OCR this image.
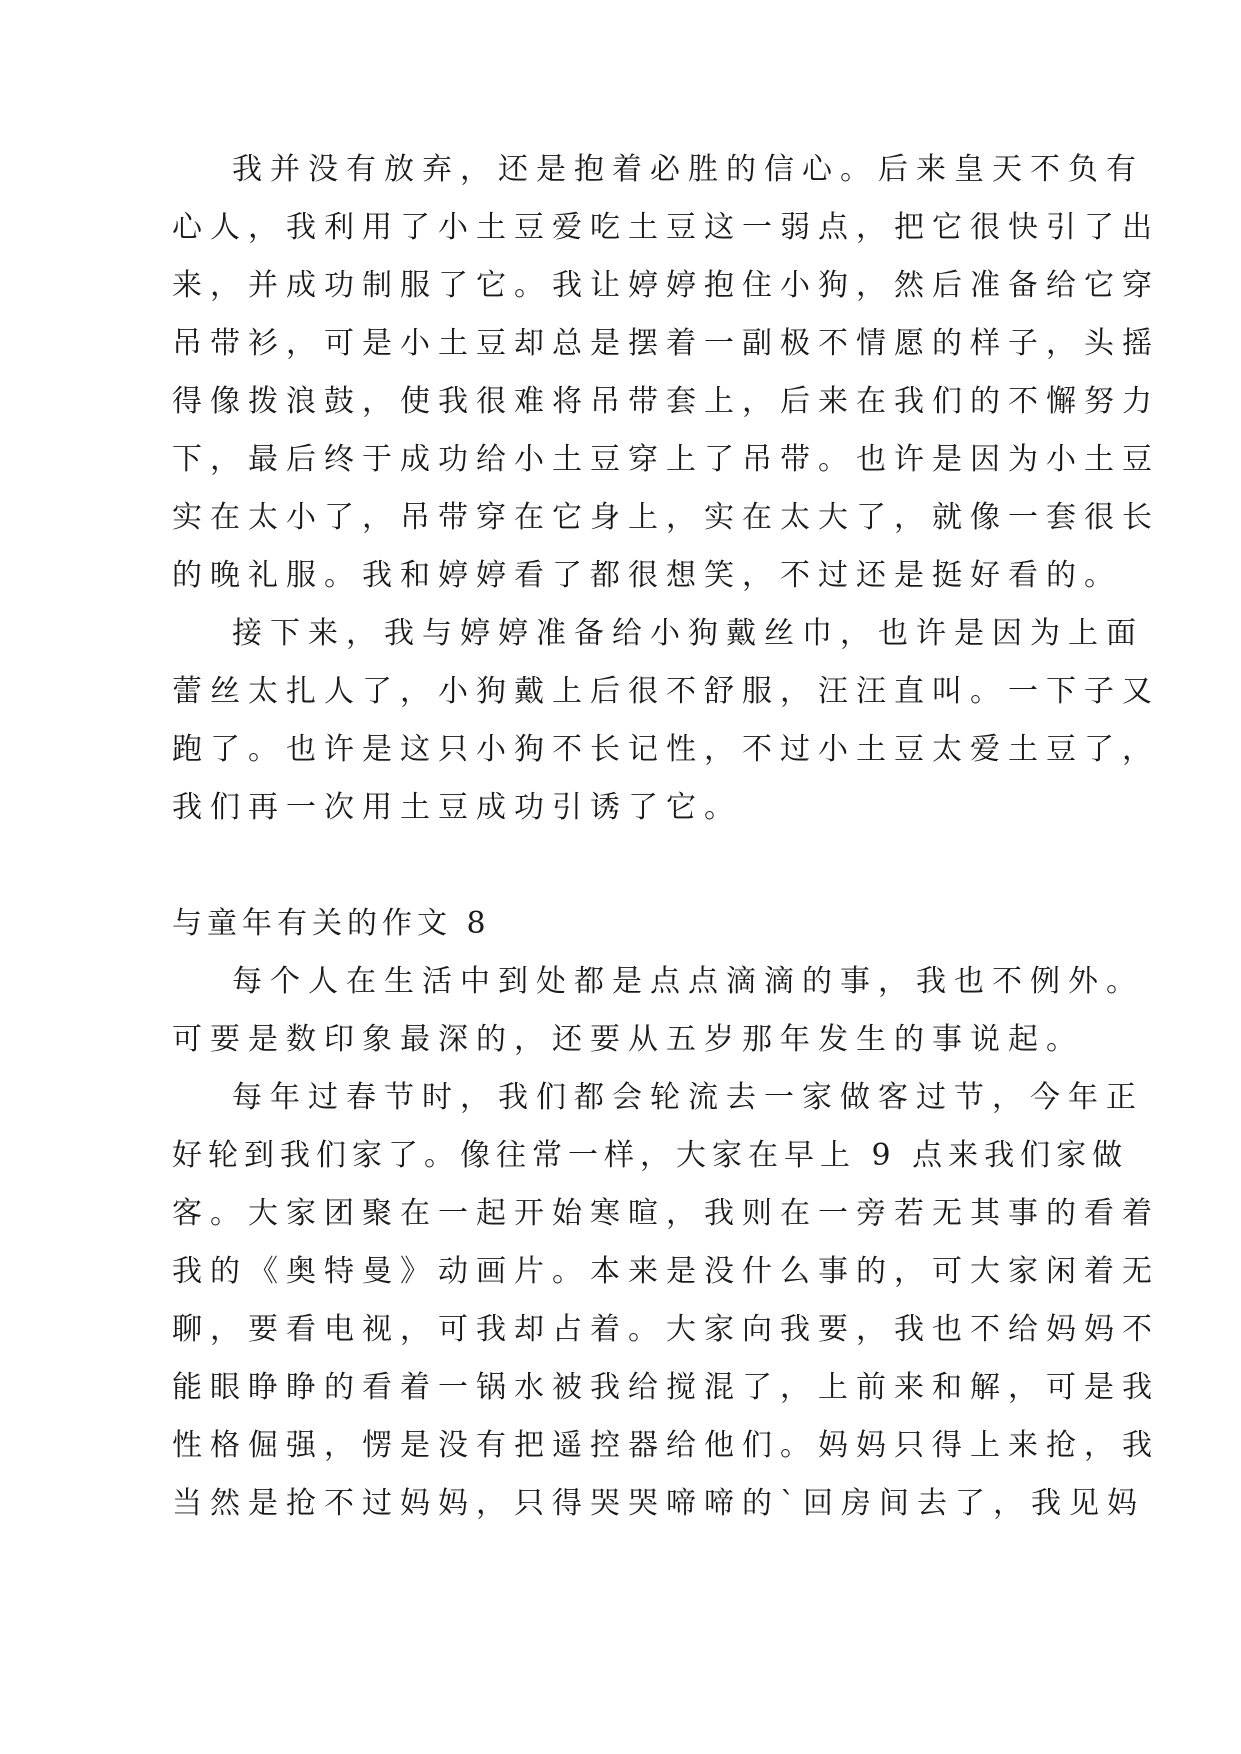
我并没有放弃，还是抱着必胜的信心。后来皇天不负有
心人，我利用了小土豆爱吃土豆这一弱点，把它很快引了出
来，并成功制服了它。我让婷婷抱住小狗，然后准备给它穿
吊带衫，可是小土豆却总是摆着一副极不情愿的样子，头摇
得像拨浪鼓，使我很难将吊带套上，后来在我们的不懈努力
下，最后终于成功给小土豆穿上了吊带。也许是因为小土豆
实在太小了，吊带穿在它身上，实在太大了，就像一套很长
的晚礼服。我和婷婷看了都很想笑，不过还是挺好看的。
接下来，我与婷婷准备给小狗戴丝巾，也许是因为上面
蕾丝太扎人了，小狗戴上后很不舒服，汪汪直叫。一下子又
跑了。也许是这只小狗不长记性，不过小土豆太爱土豆了，
我们再一次用土豆成功引诱了它。
与童年有关的作文 8
每个人在生活中到处都是点点滴滴的事，我也不例外。
可要是数印象最深的，还要从五岁那年发生的事说起。
每年过春节时，我们都会轮流去一家做客过节，今年正
好轮到我们家了。像往常一样，大家在早上 9 点来我们家做
客。大家团聚在一起开始寒暄，我则在一旁若无其事的看着
我的《奥特曼》动画片。本来是没什么事的，可大家闲着无
聊，要看电视，可我却占着。大家向我要，我也不给妈妈不
能眼睁睁的看着一锅水被我给搅混了，上前来和解，可是我
性格倔强，愣是没有把遥控器给他们。妈妈只得上来抢，我
当然是抢不过妈妈，只得哭哭啼啼的`回房间去了，我见妈
